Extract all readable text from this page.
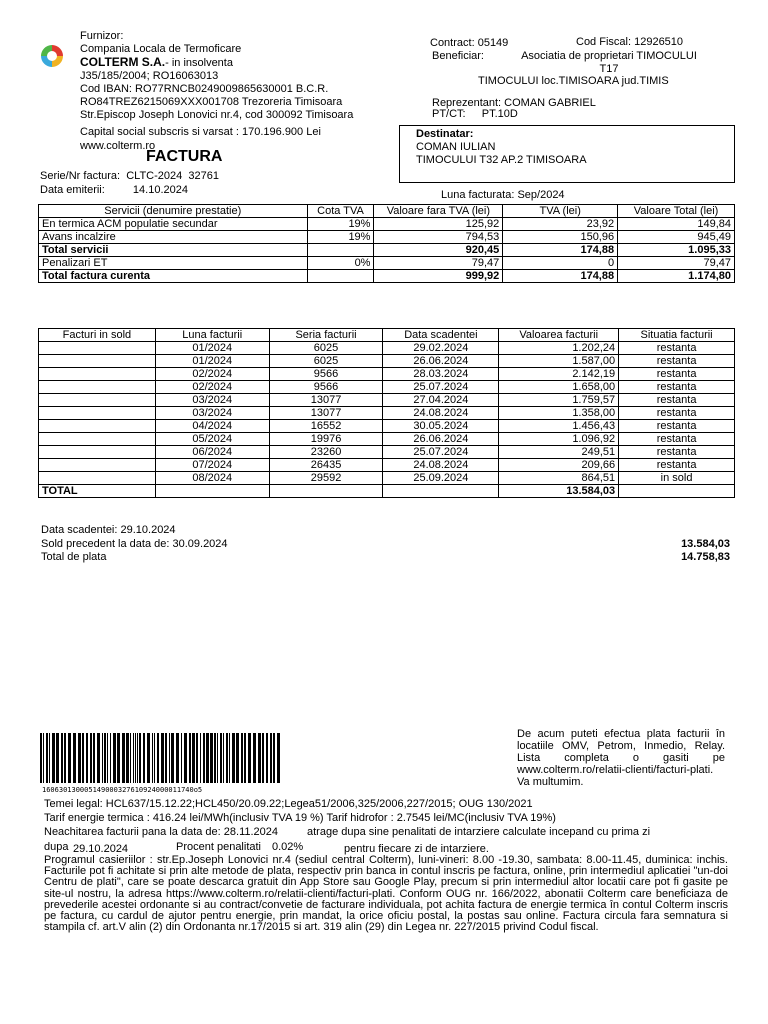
Furnizor:
Compania Locala de Termoficare
COLTERM S.A.- in insolventa
J35/185/2004; RO16063013
Cod IBAN: RO77RNCB0249009865630001 B.C.R.
RO84TREZ6215069XXX001708 Trezoreria Timisoara
Str.Episcop Joseph Lonovici nr.4, cod 300092 Timisoara
Capital social subscris si varsat : 170.196.900 Lei
www.colterm.ro
FACTURA
Serie/Nr factura: CLTC-2024 32761
Data emiterii:	14.10.2024
Contract: 05149	Cod Fiscal: 12926510
Beneficiar:	Asociatia de proprietari TIMOCULUI T17
TIMOCULUI loc.TIMISOARA jud.TIMIS
Reprezentant: COMAN GABRIEL
PT/CT: PT.10D
Destinatar:
COMAN IULIAN
TIMOCULUI T32 AP.2 TIMISOARA
Luna facturata: Sep/2024
Servicii (denumire prestatie)	Cota TVA	Valoare fara TVA (lei)	TVA (lei)	Valoare Total (lei)
En termica ACM populatie secundar	19%	125,92	23,92	149,84
Avans incalzire	19%	794,53	150,96	945,49
Total servicii		920,45	174,88	1.095,33
Penalizari ET	0%	79,47	0	79,47
Total factura curenta		999,92	174,88	1.174,80
Facturi in sold	Luna facturii	Seria facturii	Data scadentei	Valoarea facturii	Situatia facturii
	01/2024	6025	29.02.2024	1.202,24	restanta
	01/2024	6025	26.06.2024	1.587,00	restanta
	02/2024	9566	28.03.2024	2.142,19	restanta
	02/2024	9566	25.07.2024	1.658,00	restanta
	03/2024	13077	27.04.2024	1.759,57	restanta
	03/2024	13077	24.08.2024	1.358,00	restanta
	04/2024	16552	30.05.2024	1.456,43	restanta
	05/2024	19976	26.06.2024	1.096,92	restanta
	06/2024	23260	25.07.2024	249,51	restanta
	07/2024	26435	24.08.2024	209,66	restanta
	08/2024	29592	25.09.2024	864,51	in sold
TOTAL				13.584,03	
Data scadentei: 29.10.2024
Sold precedent la data de: 30.09.2024	13.584,03
Total de plata	14.758,83
160630130005149000327610924000011740o5
De acum puteti efectua plata facturii în locatiile OMV, Petrom, Inmedio, Relay. Lista completa o gasiti pe www.colterm.ro/relatii-clienti/facturi-plati. Va multumim.
Temei legal: HCL637/15.12.22;HCL450/20.09.22;Legea51/2006,325/2006,227/2015; OUG 130/2021
Tarif energie termica : 416.24 lei/MWh(inclusiv TVA 19 %) Tarif hidrofor : 2.7545 lei/MC(inclusiv TVA 19%)
Neachitarea facturii pana la data de: 28.11.2024	atrage dupa sine penalitati de intarziere calculate incepand cu prima zi
dupa 29.10.2024	Procent penalitati 0.02%	pentru fiecare zi de intarziere.
Programul casieriilor : str.Ep.Joseph Lonovici nr.4 (sediul central Colterm), luni-vineri: 8.00 -19.30, sambata: 8.00-11.45, duminica: inchis. Facturile pot fi achitate si prin alte metode de plata, respectiv prin banca in contul inscris pe factura, online, prin intermediul aplicatiei "un-doi Centru de plati", care se poate descarca gratuit din App Store sau Google Play, precum si prin intermediul altor locatii care pot fi gasite pe site-ul nostru, la adresa https://www.colterm.ro/relatii-clienti/facturi-plati. Conform OUG nr. 166/2022, abonatii Colterm care beneficiaza de prevederile acestei ordonante si au contract/convetie de facturare individuala, pot achita factura de energie termica în contul Colterm inscris pe factura, cu cardul de ajutor pentru energie, prin mandat, la orice oficiu postal, la postas sau online. Factura circula fara semnatura si stampila cf. art.V alin (2) din Ordonanta nr.17/2015 si art. 319 alin (29) din Legea nr. 227/2015 privind Codul fiscal.
